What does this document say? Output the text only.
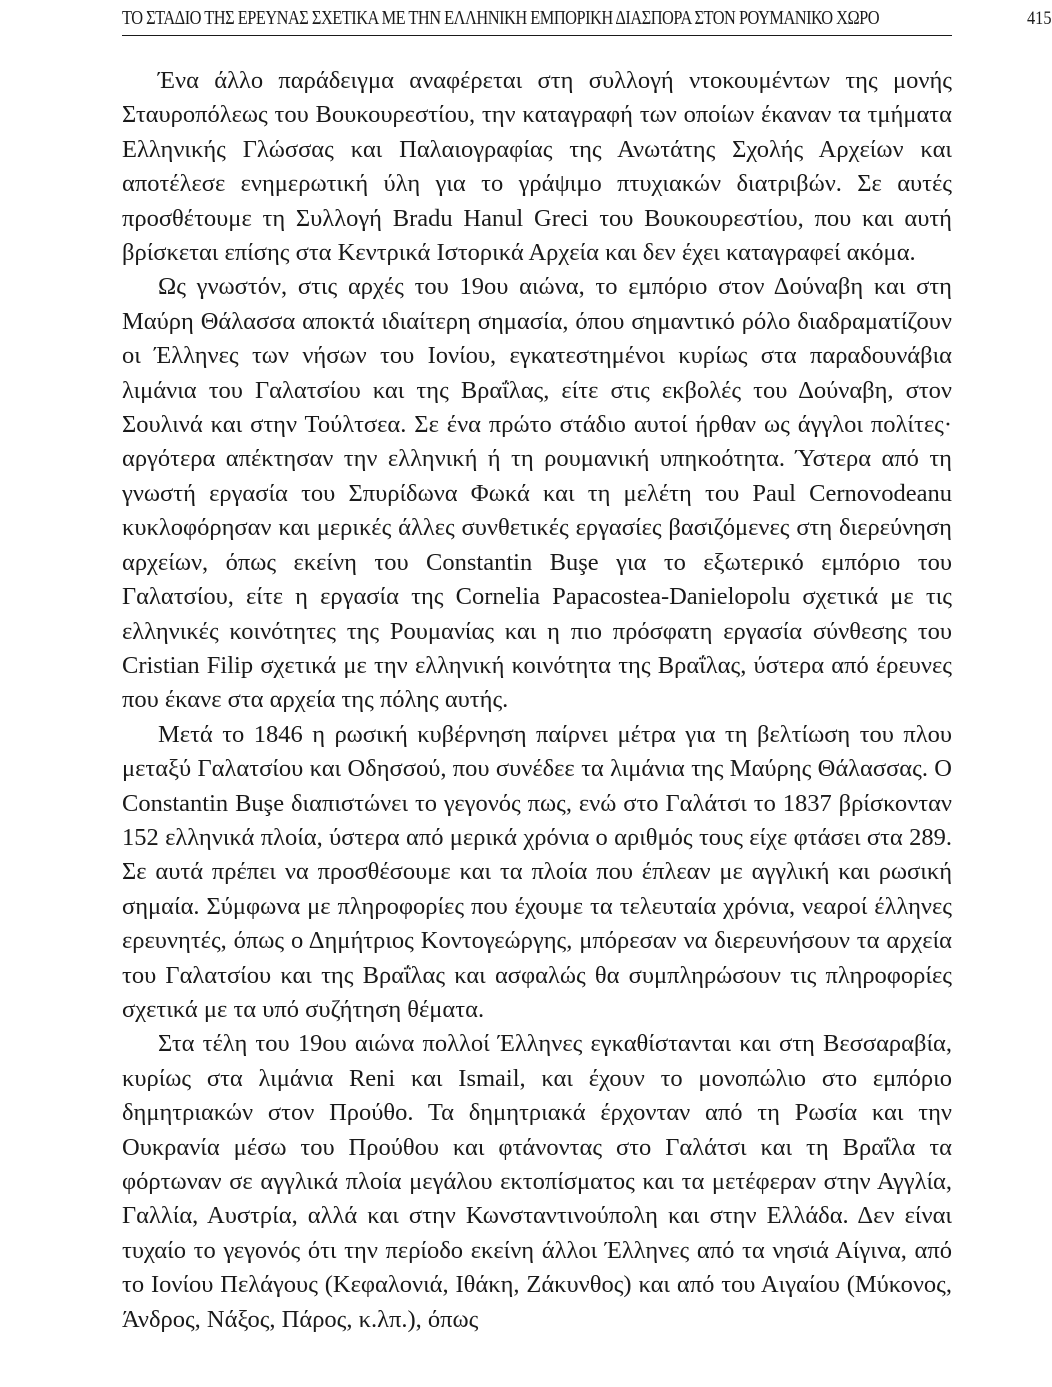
ΤΟ ΣΤΑΔΙΟ ΤΗΣ ΕΡΕΥΝΑΣ ΣΧΕΤΙΚΑ ΜΕ ΤΗΝ ΕΛΛΗΝΙΚΗ ΕΜΠΟΡΙΚΗ ΔΙΑΣΠΟΡΑ ΣΤΟΝ ΡΟΥΜΑΝΙΚΟ ΧΩΡΟ	415

Ένα άλλο παράδειγμα αναφέρεται στη συλλογή ντοκουμέντων της μονής Σταυροπόλεως του Βουκουρεστίου, την καταγραφή των οποίων έκαναν τα τμήματα Ελληνικής Γλώσσας και Παλαιογραφίας της Ανωτάτης Σχολής Αρχείων και αποτέλεσε ενημερωτική ύλη για το γράψιμο πτυχιακών διατριβών. Σε αυτές προσθέτουμε τη Συλλογή Bradu Hanul Greci του Βουκουρεστίου, που και αυτή βρίσκεται επίσης στα Κεντρικά Ιστορικά Αρχεία και δεν έχει καταγραφεί ακόμα.

Ως γνωστόν, στις αρχές του 19ου αιώνα, το εμπόριο στον Δούναβη και στη Μαύρη Θάλασσα αποκτά ιδιαίτερη σημασία, όπου σημαντικό ρόλο διαδραματίζουν οι Έλληνες των νήσων του Ιονίου, εγκατεστημένοι κυρίως στα παραδουνάβια λιμάνια του Γαλατσίου και της Βραΐλας, είτε στις εκβολές του Δούναβη, στον Σουλινά και στην Τούλτσεα. Σε ένα πρώτο στάδιο αυτοί ήρθαν ως άγγλοι πολίτες· αργότερα απέκτησαν την ελληνική ή τη ρουμανική υπηκοότητα. Ύστερα από τη γνωστή εργασία του Σπυρίδωνα Φωκά και τη μελέτη του Paul Cernovodeanu κυκλοφόρησαν και μερικές άλλες συνθετικές εργασίες βασιζόμενες στη διερεύνηση αρχείων, όπως εκείνη του Constantin Buşe για το εξωτερικό εμπόριο του Γαλατσίου, είτε η εργασία της Cornelia Papacostea-Danielopolu σχετικά με τις ελληνικές κοινότητες της Ρουμανίας και η πιο πρόσφατη εργασία σύνθεσης του Cristian Filip σχετικά με την ελληνική κοινότητα της Βραΐλας, ύστερα από έρευνες που έκανε στα αρχεία της πόλης αυτής.

Μετά το 1846 η ρωσική κυβέρνηση παίρνει μέτρα για τη βελτίωση του πλου μεταξύ Γαλατσίου και Οδησσού, που συνέδεε τα λιμάνια της Μαύρης Θάλασσας. Ο Constantin Buşe διαπιστώνει το γεγονός πως, ενώ στο Γαλάτσι το 1837 βρίσκονταν 152 ελληνικά πλοία, ύστερα από μερικά χρόνια ο αριθμός τους είχε φτάσει στα 289. Σε αυτά πρέπει να προσθέσουμε και τα πλοία που έπλεαν με αγγλική και ρωσική σημαία. Σύμφωνα με πληροφορίες που έχουμε τα τελευταία χρόνια, νεαροί έλληνες ερευνητές, όπως ο Δημήτριος Κοντογεώργης, μπόρεσαν να διερευνήσουν τα αρχεία του Γαλατσίου και της Βραΐλας και ασφαλώς θα συμπληρώσουν τις πληροφορίες σχετικά με τα υπό συζήτηση θέματα.

Στα τέλη του 19ου αιώνα πολλοί Έλληνες εγκαθίστανται και στη Βεσσαραβία, κυρίως στα λιμάνια Reni και Ismail, και έχουν το μονοπώλιο στο εμπόριο δημητριακών στον Προύθο. Τα δημητριακά έρχονταν από τη Ρωσία και την Ουκρανία μέσω του Προύθου και φτάνοντας στο Γαλάτσι και τη Βραΐλα τα φόρτωναν σε αγγλικά πλοία μεγάλου εκτοπίσματος και τα μετέφεραν στην Αγγλία, Γαλλία, Αυστρία, αλλά και στην Κωνσταντινούπολη και στην Ελλάδα. Δεν είναι τυχαίο το γεγονός ότι την περίοδο εκείνη άλλοι Έλληνες από τα νησιά Αίγινα, από το Ιονίου Πελάγους (Κεφαλονιά, Ιθάκη, Ζάκυνθος) και από του Αιγαίου (Μύκονος, Άνδρος, Νάξος, Πάρος, κ.λπ.), όπως
